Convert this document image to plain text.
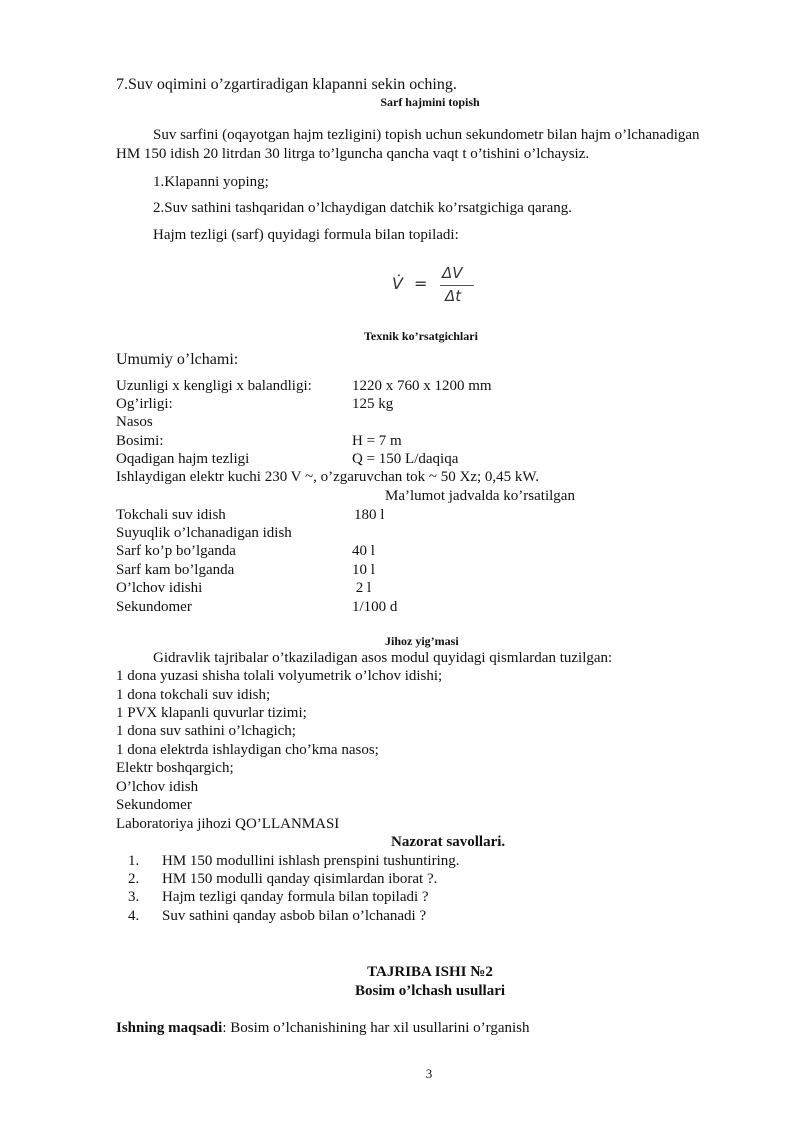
7.Suv oqimini o’zgartiradigan klapanni sekin oching.
Sarf hajmini topish
Suv sarfini (oqayotgan hajm tezligini) topish uchun sekundometr bilan hajm o’lchanadigan
HM 150 idish 20 litrdan 30 litrga to’lguncha qancha vaqt t o’tishini o’lchaysiz.
1.Klapanni yoping;
2.Suv sathini tashqaridan o’lchaydigan datchik ko’rsatgichiga qarang.
Hajm tezligi (sarf) quyidagi formula bilan topiladi:
V̇ =
ΔV
Δt
Texnik ko’rsatgichlari
Umumiy o’lchami:
Uzunligi x kengligi x balandligi:	1220 x 760 x 1200 mm
Og’irligi:	125 kg
Nasos
Bosimi:	H = 7 m
Oqadigan hajm tezligi	Q = 150 L/daqiqa
Ishlaydigan elektr kuchi 230 V ~, o’zgaruvchan tok ~ 50 Xz; 0,45 kW.
Ma’lumot jadvalda ko’rsatilgan
Tokchali suv idish	180 l
Suyuqlik o’lchanadigan idish
Sarf ko’p bo’lganda	40 l
Sarf kam bo’lganda	10 l
O’lchov idishi	2 l
Sekundomer	1/100 d
Jihoz yig’masi
Gidravlik tajribalar o’tkaziladigan asos modul quyidagi qismlardan tuzilgan:
1 dona yuzasi shisha tolali volyumetrik o’lchov idishi;
1 dona tokchali suv idish;
1 PVX klapanli quvurlar tizimi;
1 dona suv sathini o’lchagich;
1 dona elektrda ishlaydigan cho’kma nasos;
Elektr boshqargich;
O’lchov idish
Sekundomer
Laboratoriya jihozi QO’LLANMASI
Nazorat savollari.
1. HM 150 modullini ishlash prenspini tushuntiring.
2. HM 150 modulli qanday qisimlardan iborat ?.
3. Hajm tezligi qanday formula bilan topiladi ?
4. Suv sathini qanday asbob bilan o’lchanadi ?
TAJRIBA ISHI №2
Bosim o’lchash usullari
Ishning maqsadi: Bosim o’lchanishining har xil usullarini o’rganish
3
